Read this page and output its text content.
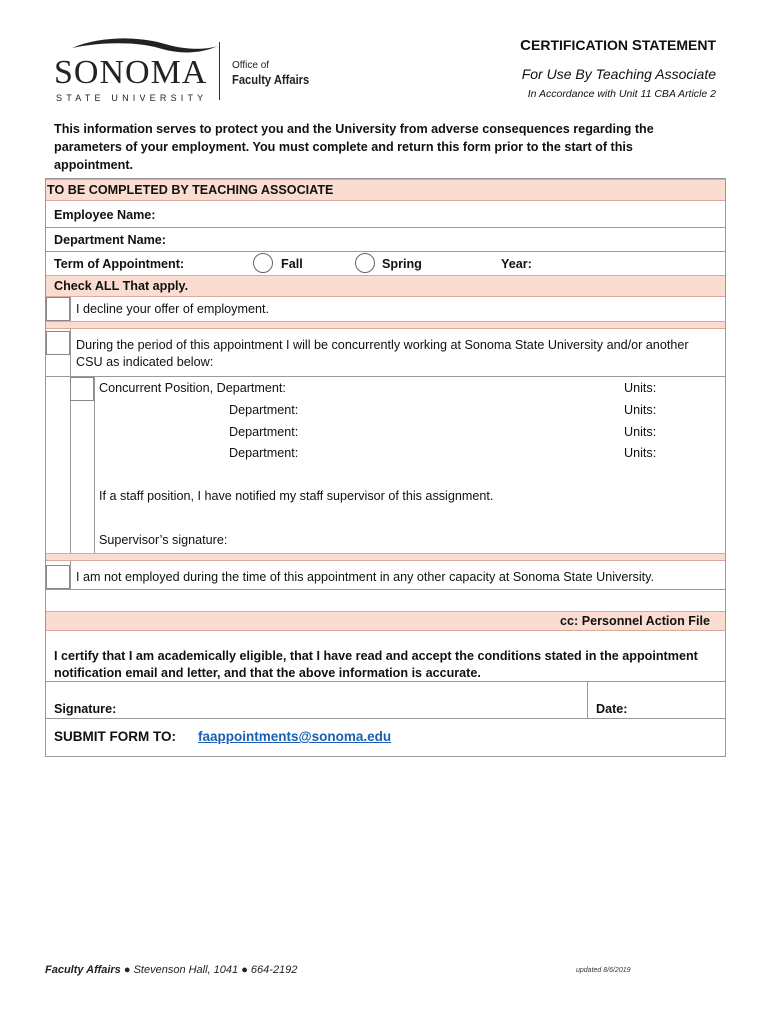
SONOMA
STATE UNIVERSITY
Office of
Faculty Affairs
CERTIFICATION STATEMENT
For Use By Teaching Associate
In Accordance with Unit 11 CBA Article 2
This information serves to protect you and the University from adverse consequences regarding the parameters of your employment. You must complete and return this form prior to the start of this appointment.
TO BE COMPLETED BY TEACHING ASSOCIATE
Employee Name:
Department Name:
Term of Appointment:	Fall	Spring	Year:
Check ALL That apply.
I decline your offer of employment.
During the period of this appointment I will be concurrently working at Sonoma State University and/or another CSU as indicated below:
Concurrent Position, Department:	Units:
Department:	Units:
Department:	Units:
Department:	Units:
If a staff position, I have notified my staff supervisor of this assignment.
Supervisor’s signature:
I am not employed during the time of this appointment in any other capacity at Sonoma State University.
cc: Personnel Action File
I certify that I am academically eligible, that I have read and accept the conditions stated in the appointment notification email and letter, and that the above information is accurate.
Signature:	Date:
SUBMIT FORM TO: faappointments@sonoma.edu
Faculty Affairs ● Stevenson Hall, 1041 ● 664-2192	updated 8/6/2019
